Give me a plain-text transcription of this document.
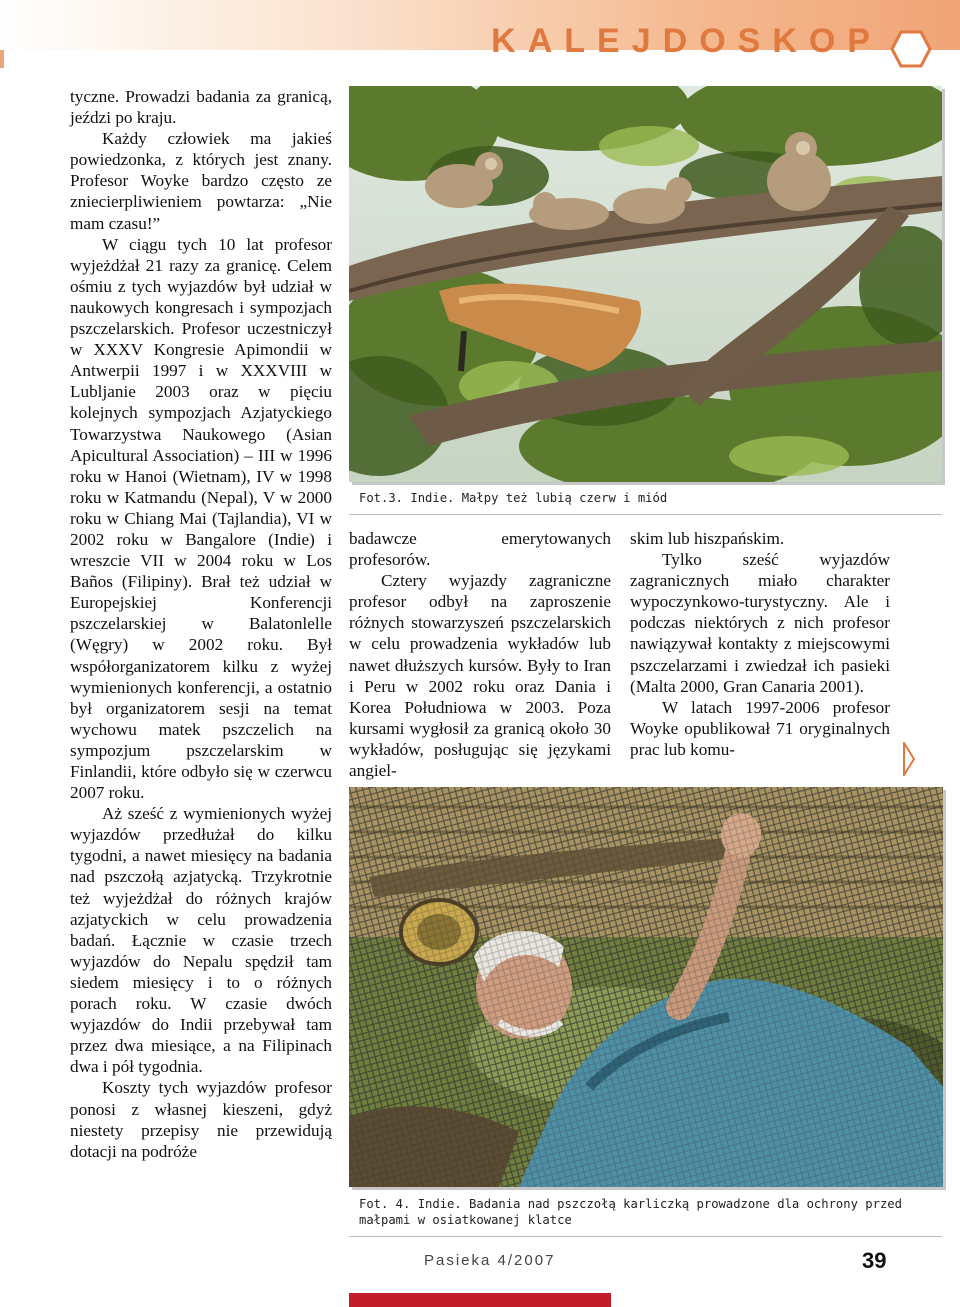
KALEJDOSKOP

tyczne. Prowadzi badania za granicą, jeździ po kraju.

Każdy człowiek ma jakieś powiedzonka, z których jest znany. Profesor Woyke bardzo często ze zniecierpliwieniem powtarza: „Nie mam czasu!”

W ciągu tych 10 lat profesor wyjeżdżał 21 razy za granicę. Celem ośmiu z tych wyjazdów był udział w naukowych kongresach i sympozjach pszczelarskich. Profesor uczestniczył w XXXV Kongresie Apimondii w Antwerpii 1997 i w XXXVIII w Lubljanie 2003 oraz w pięciu kolejnych sympozjach Azjatyckiego Towarzystwa Naukowego (Asian Apicultural Association) – III w 1996 roku w Hanoi (Wietnam), IV w 1998 roku w Katmandu (Nepal), V w 2000 roku w Chiang Mai (Tajlandia), VI w 2002 roku w Bangalore (Indie) i wreszcie VII w 2004 roku w Los Baños (Filipiny). Brał też udział w Europejskiej Konferencji pszczelarskiej w Balatonlelle (Węgry) w 2002 roku. Był współorganizatorem kilku z wyżej wymienionych konferencji, a ostatnio był organizatorem sesji na temat wychowu matek pszczelich na sympozjum pszczelarskim w Finlandii, które odbyło się w czerwcu 2007 roku.

Aż sześć z wymienionych wyżej wyjazdów przedłużał do kilku tygodni, a nawet miesięcy na badania nad pszczołą azjatycką. Trzykrotnie też wyjeżdżał do różnych krajów azjatyckich w celu prowadzenia badań. Łącznie w czasie trzech wyjazdów do Nepalu spędził tam siedem miesięcy i to o różnych porach roku. W czasie dwóch wyjazdów do Indii przebywał tam przez dwa miesiące, a na Filipinach dwa i pół tygodnia.

Koszty tych wyjazdów profesor ponosi z własnej kieszeni, gdyż niestety przepisy nie przewidują dotacji na podróże

Fot.3. Indie. Małpy też lubią czerw i miód

badawcze emerytowanych profesorów.

Cztery wyjazdy zagraniczne profesor odbył na zaproszenie różnych stowarzyszeń pszczelarskich w celu prowadzenia wykładów lub nawet dłuższych kursów. Były to Iran i Peru w 2002 roku oraz Dania i Korea Południowa w 2003. Poza kursami wygłosił za granicą około 30 wykładów, posługując się językami angiel-

skim lub hiszpańskim.

Tylko sześć wyjazdów zagranicznych miało charakter wypoczynkowo-turystyczny. Ale i podczas niektórych z nich profesor nawiązywał kontakty z miejscowymi pszczelarzami i zwiedzał ich pasieki (Malta 2000, Gran Canaria 2001).

W latach 1997-2006 profesor Woyke opublikował 71 oryginalnych prac lub komu-

Fot. 4. Indie. Badania nad pszczołą karliczką prowadzone dla ochrony przed małpami w osiatkowanej klatce
Pasieka 4/2007	39
